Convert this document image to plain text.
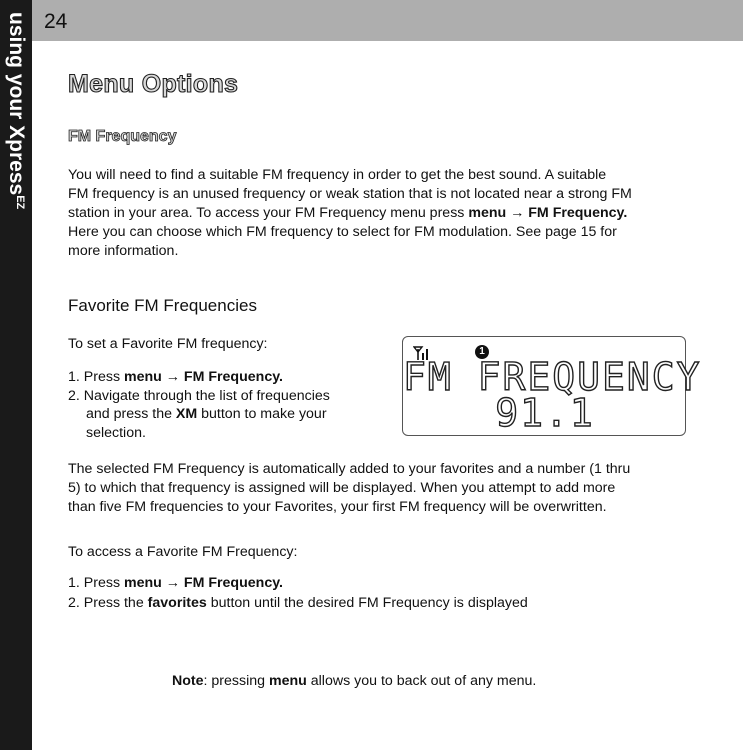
using your Xpress$^{EZ}$
24
Menu Options
FM Frequency
You will need to find a suitable FM frequency in order to get the best sound. A suitable
FM frequency is an unused frequency or weak station that is not located near a strong FM
station in your area. To access your FM Frequency menu press menu → FM Frequency.
Here you can choose which FM frequency to select for FM modulation. See page 15 for
more information.
Favorite FM Frequencies
To set a Favorite FM frequency:
1. Press menu → FM Frequency.
2. Navigate through the list of frequencies
and press the XM button to make your
selection.
1
FM FREQUENCY
91.1
The selected FM Frequency is automatically added to your favorites and a number (1 thru
5) to which that frequency is assigned will be displayed. When you attempt to add more
than five FM frequencies to your Favorites, your first FM frequency will be overwritten.
To access a Favorite FM Frequency:
1. Press menu → FM Frequency.
2. Press the favorites button until the desired FM Frequency is displayed
Note: pressing menu allows you to back out of any menu.
